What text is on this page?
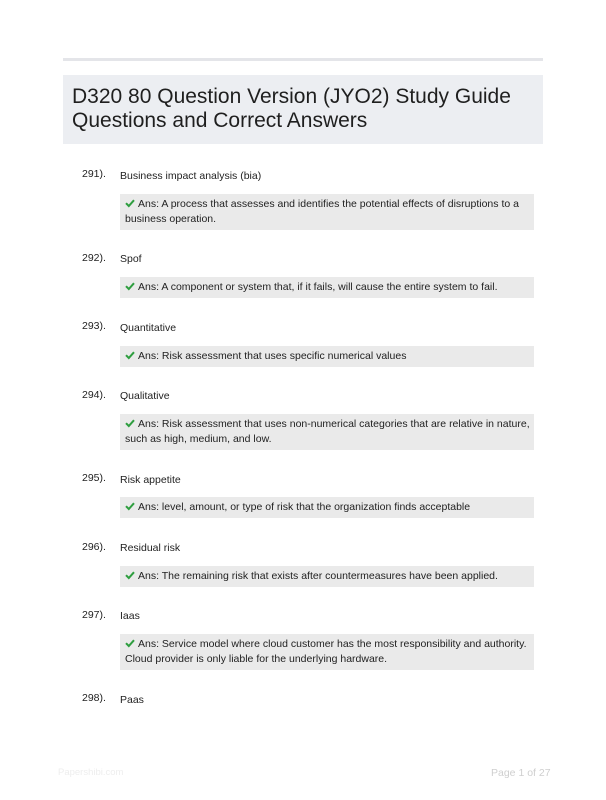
D320 80 Question Version (JYO2) Study Guide Questions and Correct Answers
291). Business impact analysis (bia)
Ans: A process that assesses and identifies the potential effects of disruptions to a business operation.
292). Spof
Ans: A component or system that, if it fails, will cause the entire system to fail.
293). Quantitative
Ans: Risk assessment that uses specific numerical values
294). Qualitative
Ans: Risk assessment that uses non-numerical categories that are relative in nature, such as high, medium, and low.
295). Risk appetite
Ans: level, amount, or type of risk that the organization finds acceptable
296). Residual risk
Ans: The remaining risk that exists after countermeasures have been applied.
297). Iaas
Ans: Service model where cloud customer has the most responsibility and authority. Cloud provider is only liable for the underlying hardware.
298). Paas
Papershibi.com	Page 1 of 27
